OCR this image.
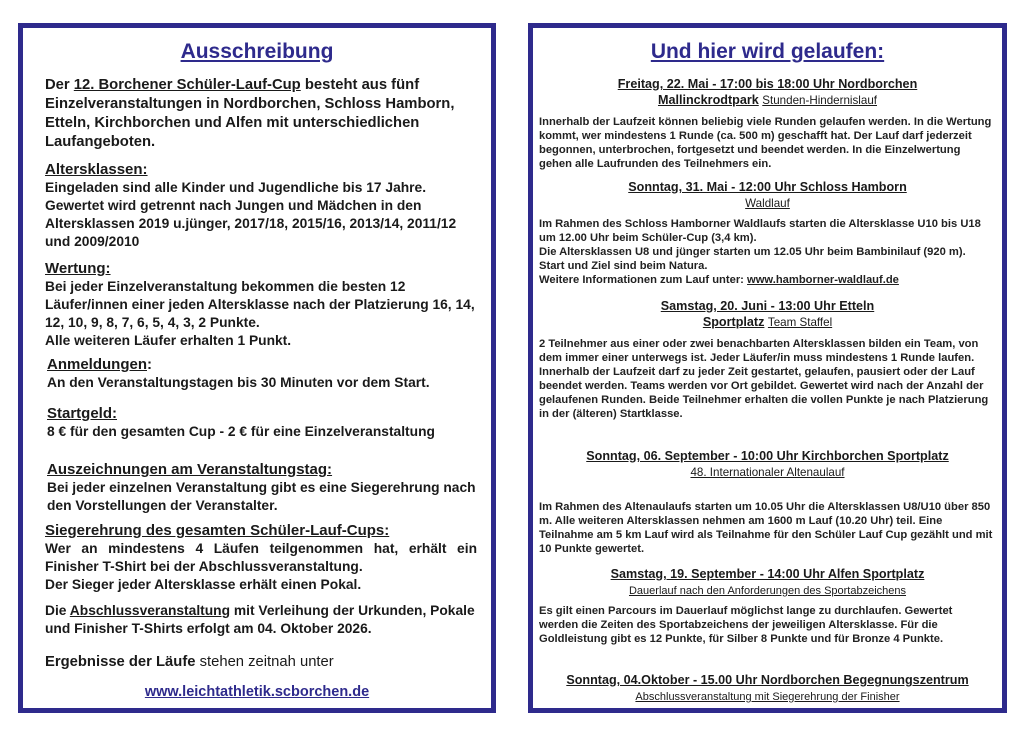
Ausschreibung
Der 12. Borchener Schüler-Lauf-Cup besteht aus fünf Einzelveranstaltungen in Nordborchen, Schloss Hamborn, Etteln, Kirchborchen und Alfen mit unterschiedlichen Laufangeboten.
Altersklassen:
Eingeladen sind alle Kinder und Jugendliche bis 17 Jahre. Gewertet wird getrennt nach Jungen und Mädchen in den Altersklassen 2019 u.jünger, 2017/18, 2015/16, 2013/14, 2011/12 und 2009/2010
Wertung:
Bei jeder Einzelveranstaltung bekommen die besten 12 Läufer/innen einer jeden Altersklasse nach der Platzierung 16, 14, 12, 10, 9, 8, 7, 6, 5, 4, 3, 2 Punkte.
Alle weiteren Läufer erhalten 1 Punkt.
Anmeldungen:
An den Veranstaltungstagen bis 30 Minuten vor dem Start.
Startgeld:
8 € für den gesamten Cup - 2 € für eine Einzelveranstaltung
Auszeichnungen am Veranstaltungstag:
Bei jeder einzelnen Veranstaltung gibt es eine Siegerehrung nach den Vorstellungen der Veranstalter.
Siegerehrung des gesamten Schüler-Lauf-Cups:
Wer an mindestens 4 Läufen teilgenommen hat, erhält ein
Finisher T-Shirt bei der Abschlussveranstaltung.
Der Sieger jeder Altersklasse erhält einen Pokal.
Die Abschlussveranstaltung mit Verleihung der Urkunden, Pokale und Finisher T-Shirts erfolgt am 04. Oktober 2026.
Ergebnisse der Läufe stehen zeitnah unter
www.leichtathletik.scborchen.de
Und hier wird gelaufen:
Freitag, 22. Mai - 17:00 bis 18:00 Uhr Nordborchen
Mallinckrodtpark Stunden-Hindernislauf
Innerhalb der Laufzeit können beliebig viele Runden gelaufen werden. In die Wertung kommt, wer mindestens 1 Runde (ca. 500 m) geschafft hat. Der Lauf darf jederzeit begonnen, unterbrochen, fortgesetzt und beendet werden. In die Einzelwertung gehen alle Laufrunden des Teilnehmers ein.
Sonntag, 31. Mai - 12:00 Uhr Schloss Hamborn
Waldlauf
Im Rahmen des Schloss Hamborner Waldlaufs starten die Altersklasse U10 bis U18 um 12.00 Uhr beim Schüler-Cup (3,4 km).
Die Altersklassen U8 und jünger starten um 12.05 Uhr beim Bambinilauf (920 m). Start und Ziel sind beim Natura.
Weitere Informationen zum Lauf unter: www.hamborner-waldlauf.de
Samstag, 20. Juni - 13:00 Uhr Etteln
Sportplatz Team Staffel
2 Teilnehmer aus einer oder zwei benachbarten Altersklassen bilden ein Team, von dem immer einer unterwegs ist. Jeder Läufer/in muss mindestens 1 Runde laufen. Innerhalb der Laufzeit darf zu jeder Zeit gestartet, gelaufen, pausiert oder der Lauf beendet werden. Teams werden vor Ort gebildet. Gewertet wird nach der Anzahl der gelaufenen Runden. Beide Teilnehmer erhalten die vollen Punkte je nach Platzierung in der (älteren) Startklasse.
Sonntag, 06. September - 10:00 Uhr Kirchborchen Sportplatz
48. Internationaler Altenaulauf
Im Rahmen des Altenaulaufs starten um 10.05 Uhr die Altersklassen U8/U10 über 850 m. Alle weiteren Altersklassen nehmen am 1600 m Lauf (10.20 Uhr) teil. Eine Teilnahme am 5 km Lauf wird als Teilnahme für den Schüler Lauf Cup gezählt und mit 10 Punkte gewertet.
Samstag, 19. September - 14:00 Uhr Alfen Sportplatz
Dauerlauf nach den Anforderungen des Sportabzeichens
Es gilt einen Parcours im Dauerlauf möglichst lange zu durchlaufen. Gewertet werden die Zeiten des Sportabzeichens der jeweiligen Altersklasse. Für die Goldleistung gibt es 12 Punkte, für Silber 8 Punkte und für Bronze 4 Punkte.
Sonntag, 04.Oktober - 15.00 Uhr Nordborchen Begegnungszentrum
Abschlussveranstaltung mit Siegerehrung der Finisher
